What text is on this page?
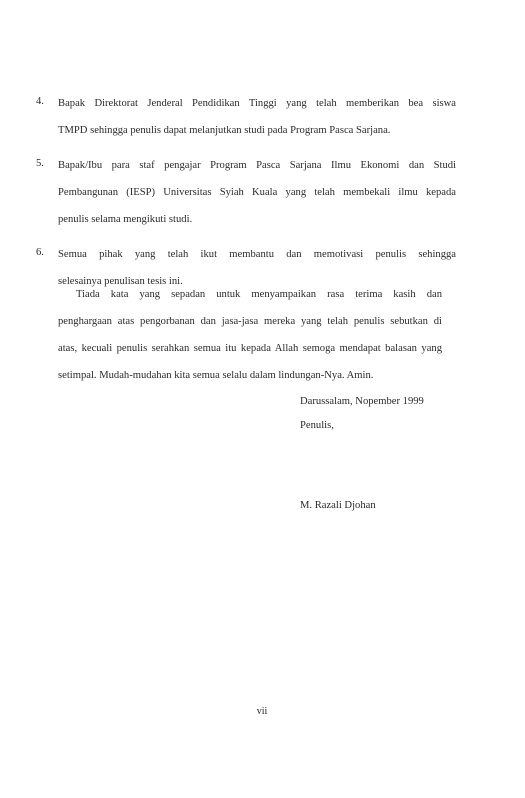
4. Bapak Direktorat Jenderal Pendidikan Tinggi yang telah memberikan bea siswa
TMPD sehingga penulis dapat melanjutkan studi pada Program Pasca Sarjana.
5. Bapak/Ibu para staf pengajar Program Pasca Sarjana Ilmu Ekonomi dan Studi
Pembangunan (IESP) Universitas Syiah Kuala yang telah membekali ilmu kepada
penulis selama mengikuti studi.
6. Semua pihak yang telah ikut membantu dan memotivasi penulis sehingga
selesainya penulisan tesis ini.
Tiada kata yang sepadan untuk menyampaikan rasa terima kasih dan
penghargaan atas pengorbanan dan jasa-jasa mereka yang telah penulis sebutkan di
atas, kecuali penulis serahkan semua itu kepada Allah semoga mendapat balasan yang
setimpal. Mudah-mudahan kita semua selalu dalam lindungan-Nya. Amin.
Darussalam, Nopember 1999
Penulis,
M. Razali Djohan
vii
